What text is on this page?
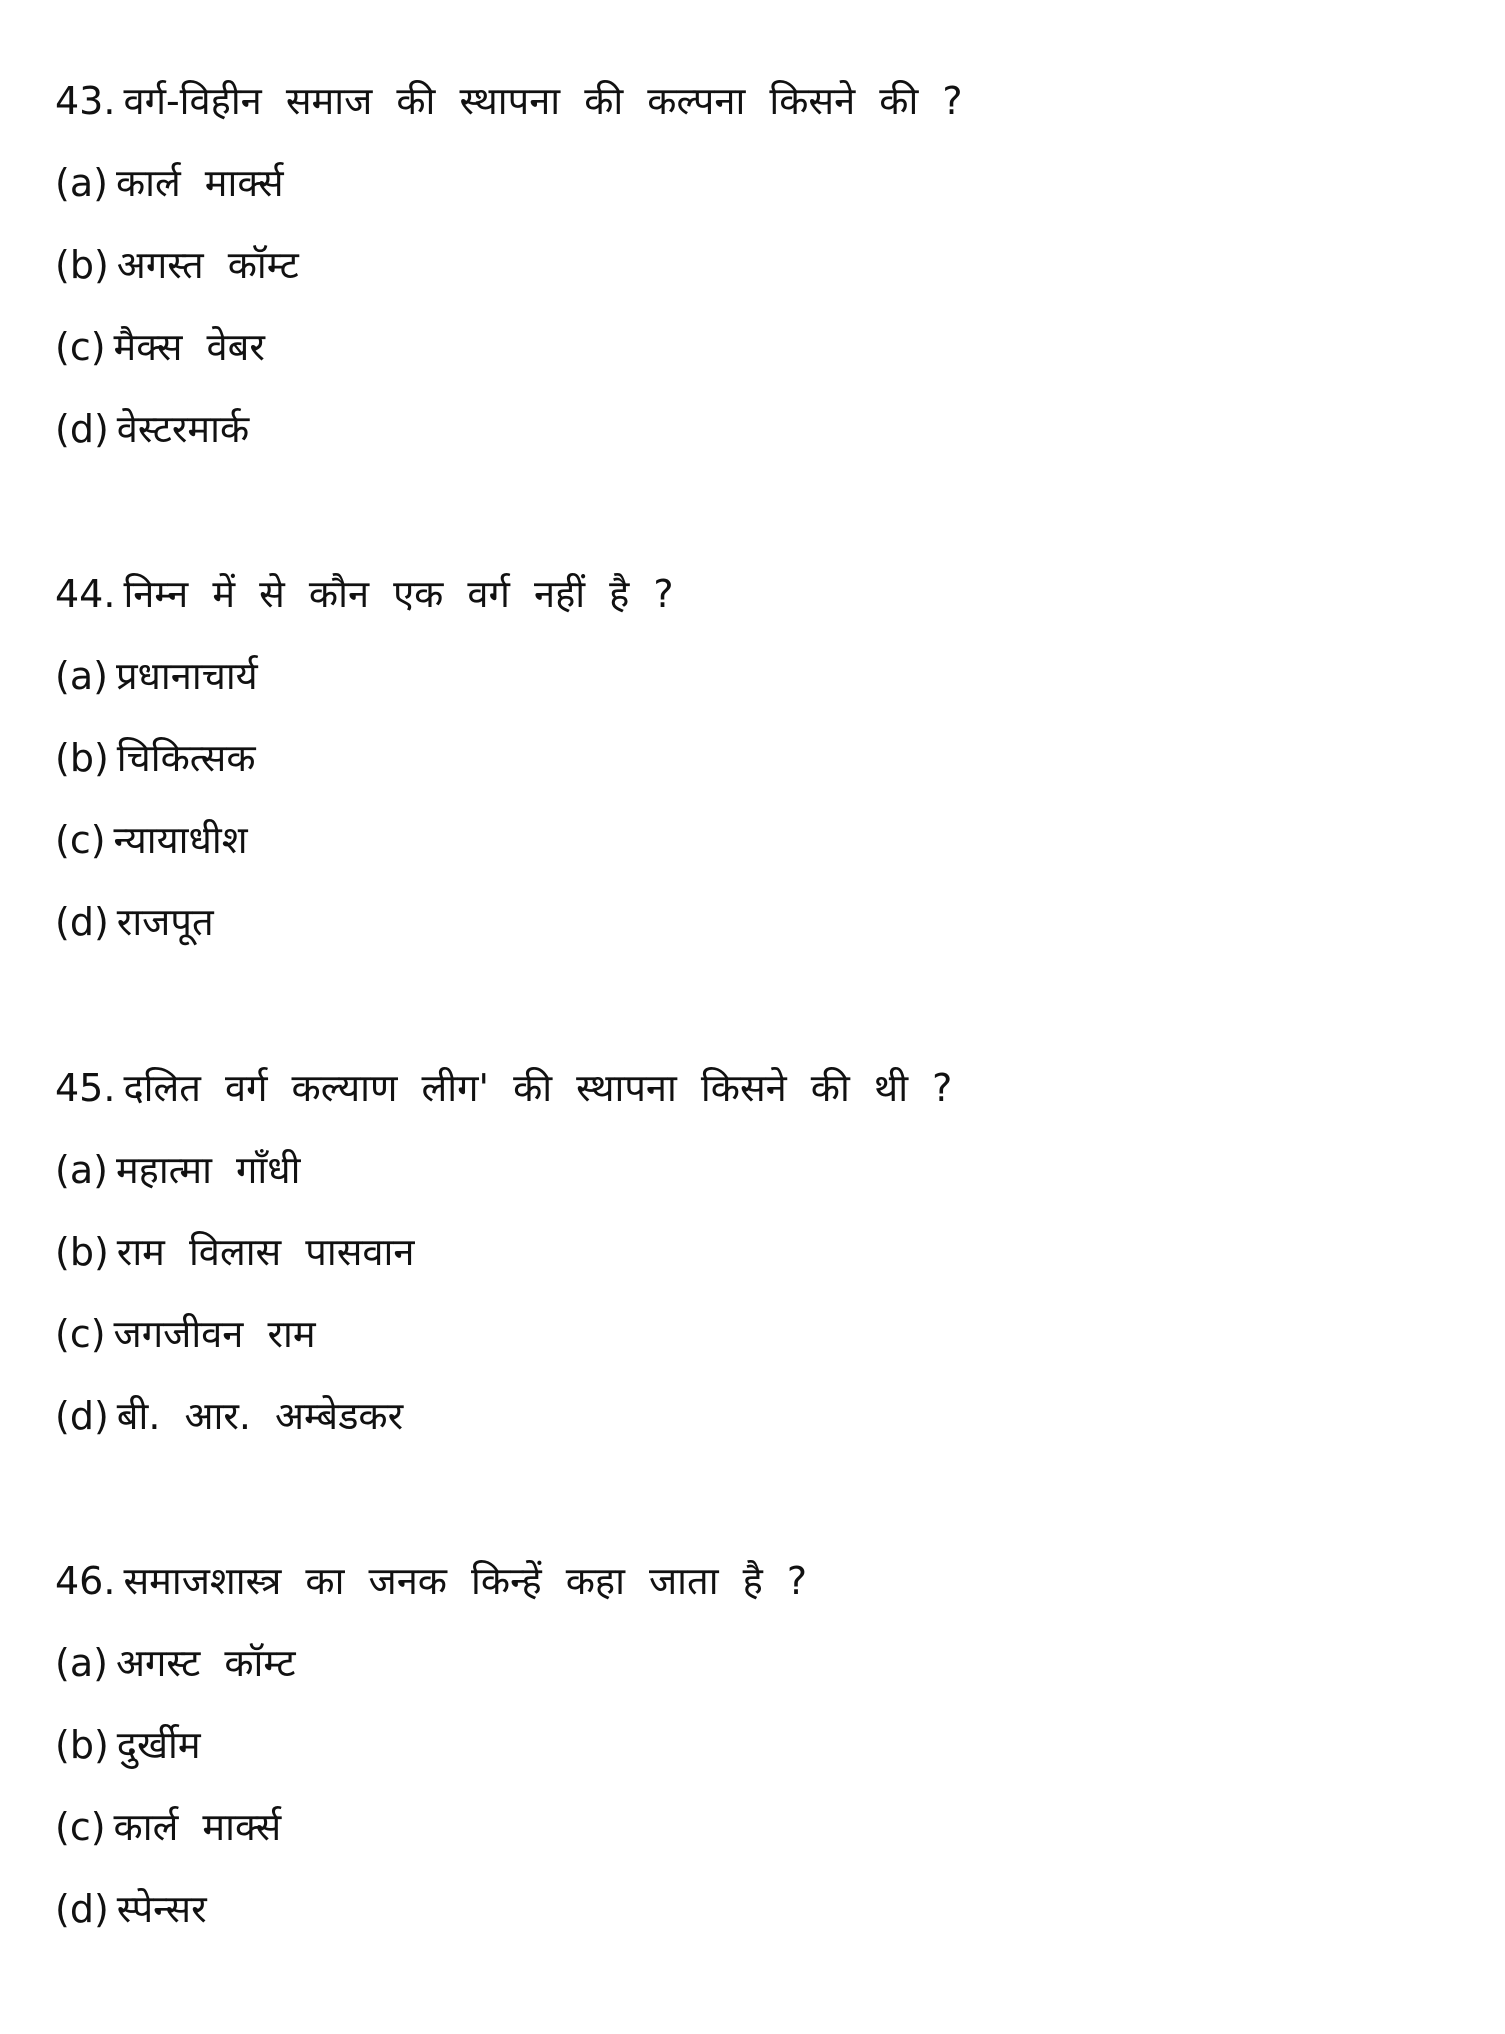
43. वर्ग-विहीन समाज की स्थापना की कल्पना किसने की ?
(a) कार्ल मार्क्स
(b) अगस्त कॉम्ट
(c) मैक्स वेबर
(d) वेस्टरमार्क
44. निम्न में से कौन एक वर्ग नहीं है ?
(a) प्रधानाचार्य
(b) चिकित्सक
(c) न्यायाधीश
(d) राजपूत
45. दलित वर्ग कल्याण लीग' की स्थापना किसने की थी ?
(a) महात्मा गाँधी
(b) राम विलास पासवान
(c) जगजीवन राम
(d) बी. आर. अम्बेडकर
46. समाजशास्त्र का जनक किन्हें कहा जाता है ?
(a) अगस्ट कॉम्ट
(b) दुर्खीम
(c) कार्ल मार्क्स
(d) स्पेन्सर
